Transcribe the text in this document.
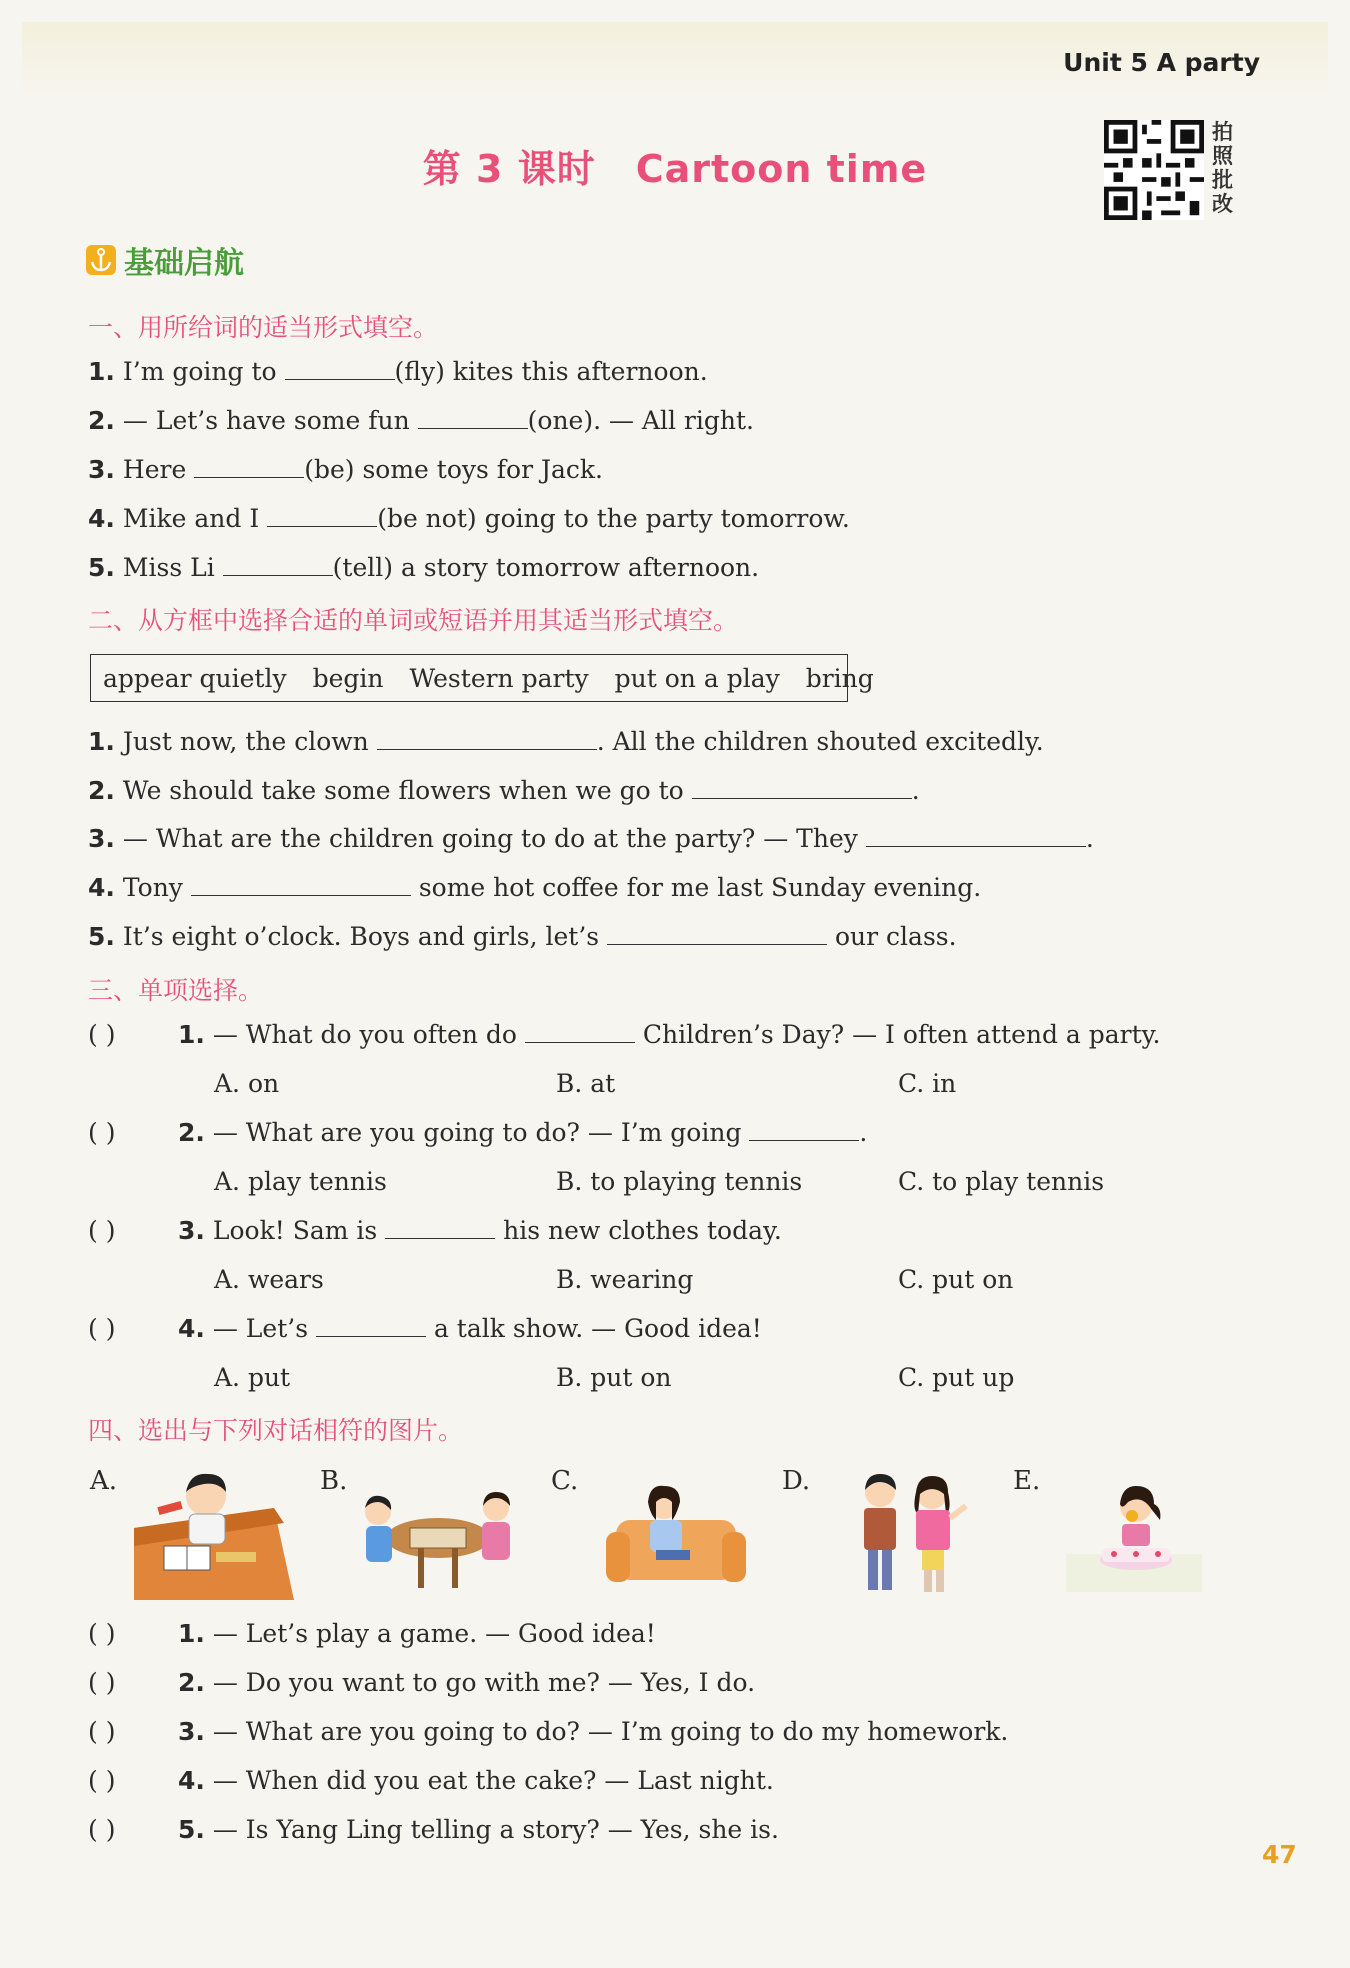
Unit 5 A party
第 3 课时 Cartoon time
拍
照
批
改
基础启航
一、用所给词的适当形式填空。
1. I’m going to	(fly) kites this afternoon.
2. — Let’s have some fun	(one). — All right.
3. Here	(be) some toys for Jack.
4. Mike and I	(be not) going to the party tomorrow.
5. Miss Li	(tell) a story tomorrow afternoon.
二、从方框中选择合适的单词或短语并用其适当形式填空。
appear quietly begin Western party put on a play bring
1. Just now, the clown	. All the children shouted excitedly.
2. We should take some flowers when we go to	.
3. — What are the children going to do at the party? — They	.
4. Tony	some hot coffee for me last Sunday evening.
5. It’s eight o’clock. Boys and girls, let’s	our class.
三、单项选择。
( ) 1. — What do you often do	Children’s Day? — I often attend a party.
A. on	B. at	C. in
( ) 2. — What are you going to do? — I’m going	.
A. play tennis	B. to playing tennis	C. to play tennis
( ) 3. Look! Sam is	his new clothes today.
A. wears	B. wearing	C. put on
( ) 4. — Let’s	a talk show. — Good idea!
A. put	B. put on	C. put up
四、选出与下列对话相符的图片。
A.	B.	C.	D.	E.
( ) 1. — Let’s play a game. — Good idea!
( ) 2. — Do you want to go with me? — Yes, I do.
( ) 3. — What are you going to do? — I’m going to do my homework.
( ) 4. — When did you eat the cake? — Last night.
( ) 5. — Is Yang Ling telling a story? — Yes, she is.
47
